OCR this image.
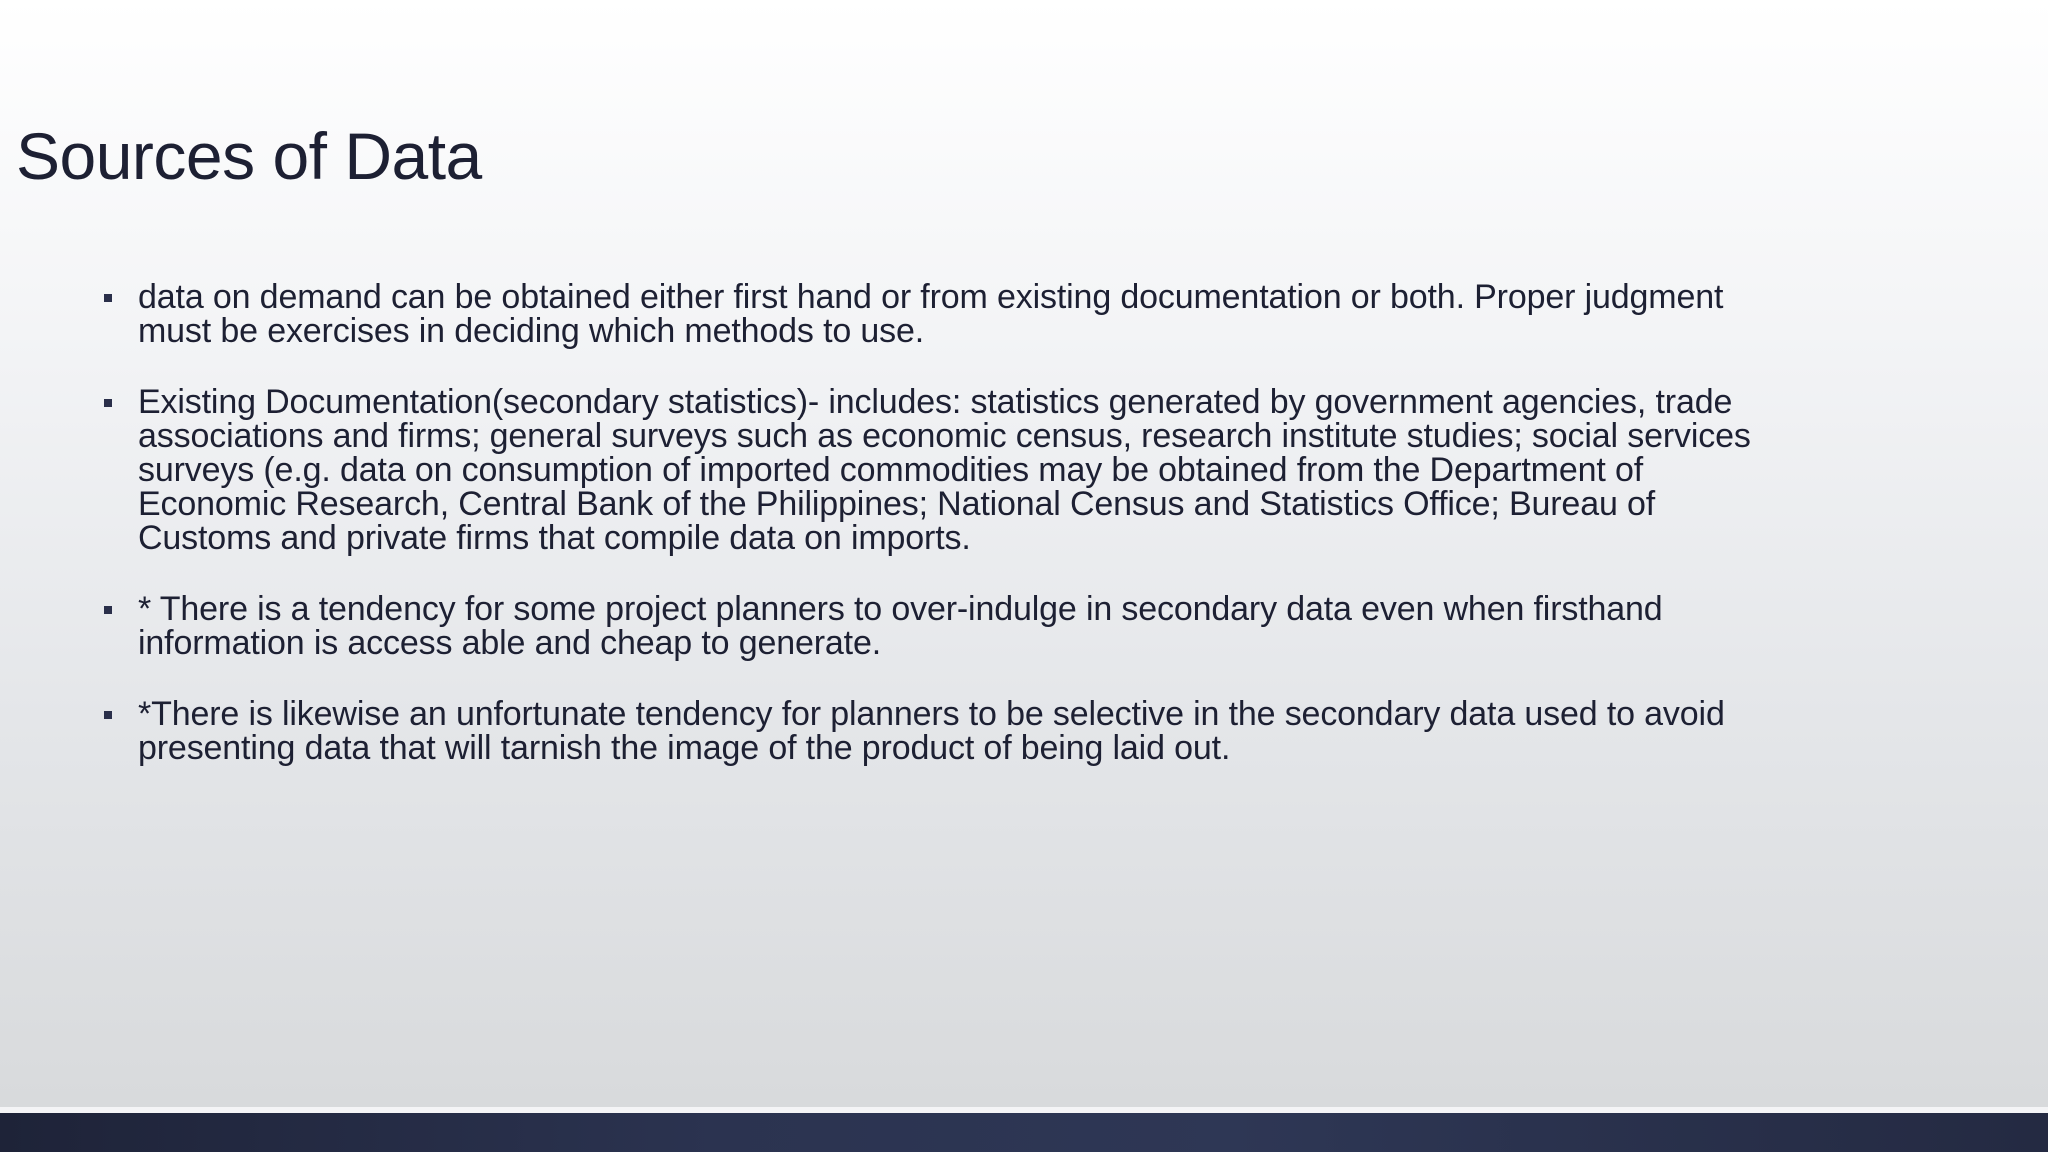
Sources of Data
data on demand can be obtained either first hand or from existing documentation or both. Proper judgment
must be exercises in deciding which methods to use.
Existing Documentation(secondary statistics)- includes: statistics generated by government agencies, trade
associations and firms; general surveys such as economic census, research institute studies; social services
surveys (e.g. data on consumption of imported commodities may be obtained from the Department of
Economic Research, Central Bank of the Philippines; National Census and Statistics Office; Bureau of
Customs and private firms that compile data on imports.
* There is a tendency for some project planners to over-indulge in secondary data even when firsthand
information is access able and cheap to generate.
*There is likewise an unfortunate tendency for planners to be selective in the secondary data used to avoid
presenting data that will tarnish the image of the product of being laid out.
